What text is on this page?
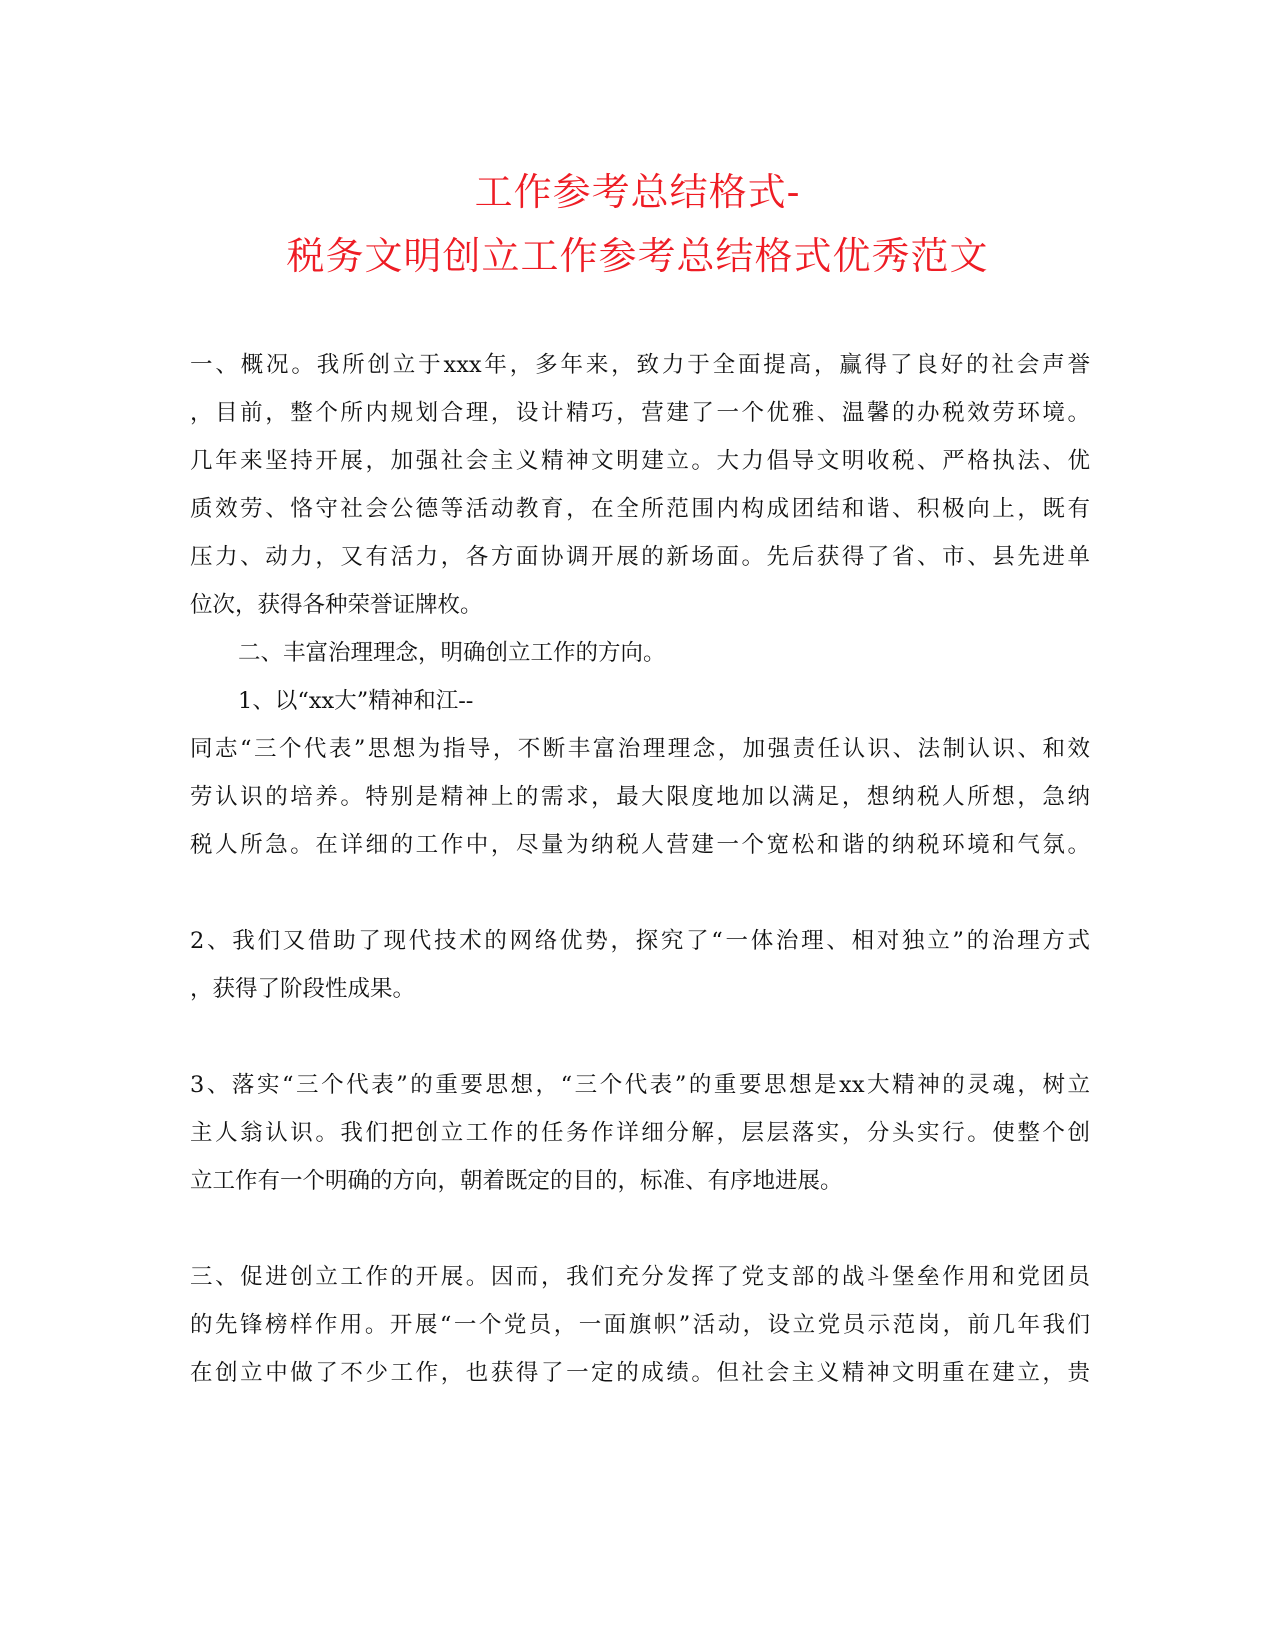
工作参考总结格式-
税务文明创立工作参考总结格式优秀范文
一、概况。我所创立于xxx年，多年来，致力于全面提高，赢得了良好的社会声誉
，目前，整个所内规划合理，设计精巧，营建了一个优雅、温馨的办税效劳环境。
几年来坚持开展，加强社会主义精神文明建立。大力倡导文明收税、严格执法、优
质效劳、恪守社会公德等活动教育，在全所范围内构成团结和谐、积极向上，既有
压力、动力，又有活力，各方面协调开展的新场面。先后获得了省、市、县先进单
位次，获得各种荣誉证牌枚。
二、丰富治理理念，明确创立工作的方向。
1、以“xx大”精神和江--
同志“三个代表”思想为指导，不断丰富治理理念，加强责任认识、法制认识、和效
劳认识的培养。特别是精神上的需求，最大限度地加以满足，想纳税人所想，急纳
税人所急。在详细的工作中，尽量为纳税人营建一个宽松和谐的纳税环境和气氛。
2、我们又借助了现代技术的网络优势，探究了“一体治理、相对独立”的治理方式
，获得了阶段性成果。
3、落实“三个代表”的重要思想，“三个代表”的重要思想是xx大精神的灵魂，树立
主人翁认识。我们把创立工作的任务作详细分解，层层落实，分头实行。使整个创
立工作有一个明确的方向，朝着既定的目的，标准、有序地进展。
三、促进创立工作的开展。因而，我们充分发挥了党支部的战斗堡垒作用和党团员
的先锋榜样作用。开展“一个党员，一面旗帜”活动，设立党员示范岗，前几年我们
在创立中做了不少工作，也获得了一定的成绩。但社会主义精神文明重在建立，贵
